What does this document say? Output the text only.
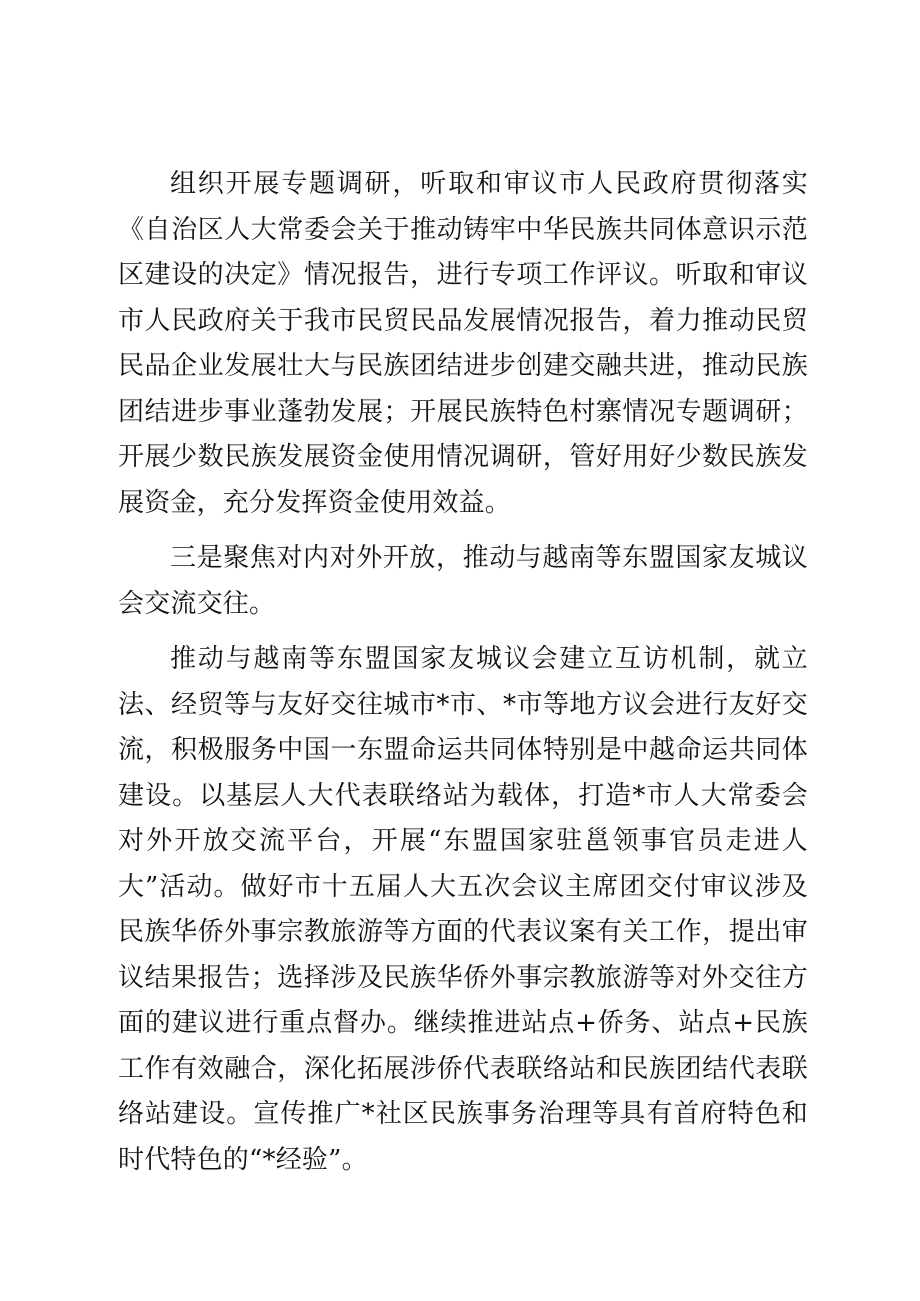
组织开展专题调研，听取和审议市人民政府贯彻落实《自治区人大常委会关于推动铸牢中华民族共同体意识示范区建设的决定》情况报告，进行专项工作评议。听取和审议市人民政府关于我市民贸民品发展情况报告，着力推动民贸民品企业发展壮大与民族团结进步创建交融共进，推动民族团结进步事业蓬勃发展；开展民族特色村寨情况专题调研；开展少数民族发展资金使用情况调研，管好用好少数民族发展资金，充分发挥资金使用效益。

三是聚焦对内对外开放，推动与越南等东盟国家友城议会交流交往。

推动与越南等东盟国家友城议会建立互访机制，就立法、经贸等与友好交往城市*市、*市等地方议会进行友好交流，积极服务中国一东盟命运共同体特别是中越命运共同体建设。以基层人大代表联络站为载体，打造*市人大常委会对外开放交流平台，开展“东盟国家驻邕领事官员走进人大”活动。做好市十五届人大五次会议主席团交付审议涉及民族华侨外事宗教旅游等方面的代表议案有关工作，提出审议结果报告；选择涉及民族华侨外事宗教旅游等对外交往方面的建议进行重点督办。继续推进站点+侨务、站点+民族工作有效融合，深化拓展涉侨代表联络站和民族团结代表联络站建设。宣传推广*社区民族事务治理等具有首府特色和时代特色的“*经验”。
